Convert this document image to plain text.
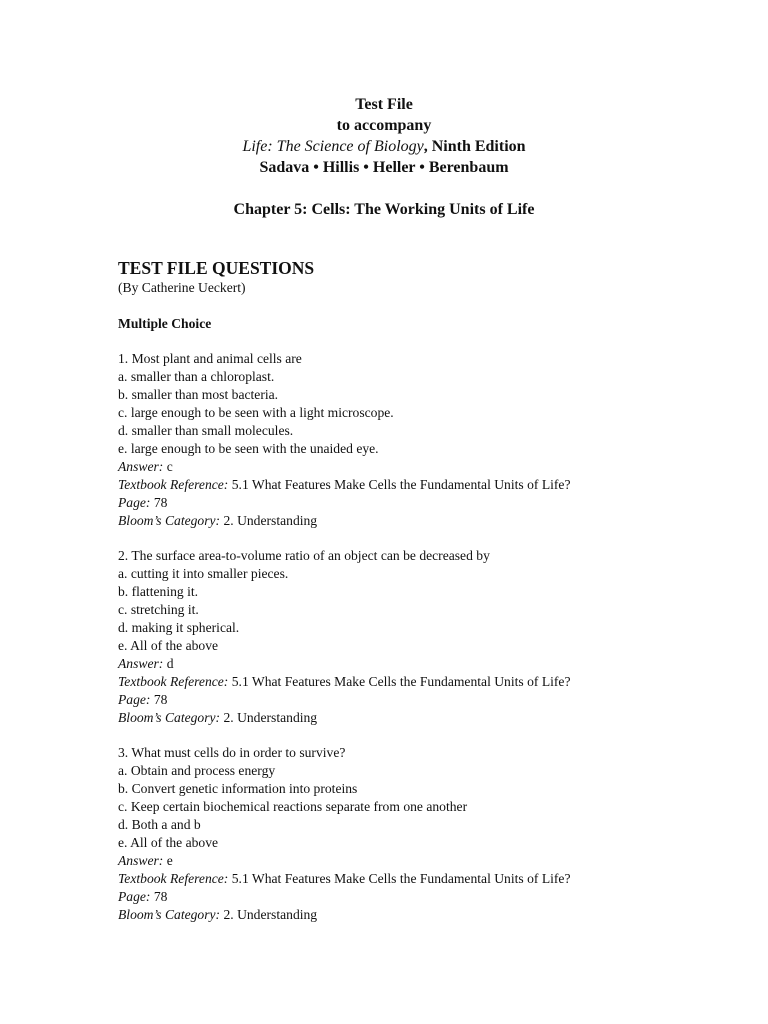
Test File
to accompany
Life: The Science of Biology, Ninth Edition
Sadava • Hillis • Heller • Berenbaum
Chapter 5: Cells: The Working Units of Life
TEST FILE QUESTIONS

(By Catherine Ueckert)

Multiple Choice

1. Most plant and animal cells are
a. smaller than a chloroplast.
b. smaller than most bacteria.
c. large enough to be seen with a light microscope.
d. smaller than small molecules.
e. large enough to be seen with the unaided eye.
Answer: c
Textbook Reference: 5.1 What Features Make Cells the Fundamental Units of Life?
Page: 78
Bloom’s Category: 2. Understanding
2. The surface area-to-volume ratio of an object can be decreased by
a. cutting it into smaller pieces.
b. flattening it.
c. stretching it.
d. making it spherical.
e. All of the above
Answer: d
Textbook Reference: 5.1 What Features Make Cells the Fundamental Units of Life?
Page: 78
Bloom’s Category: 2. Understanding
3. What must cells do in order to survive?
a. Obtain and process energy
b. Convert genetic information into proteins
c. Keep certain biochemical reactions separate from one another
d. Both a and b
e. All of the above
Answer: e
Textbook Reference: 5.1 What Features Make Cells the Fundamental Units of Life?
Page: 78
Bloom’s Category: 2. Understanding
